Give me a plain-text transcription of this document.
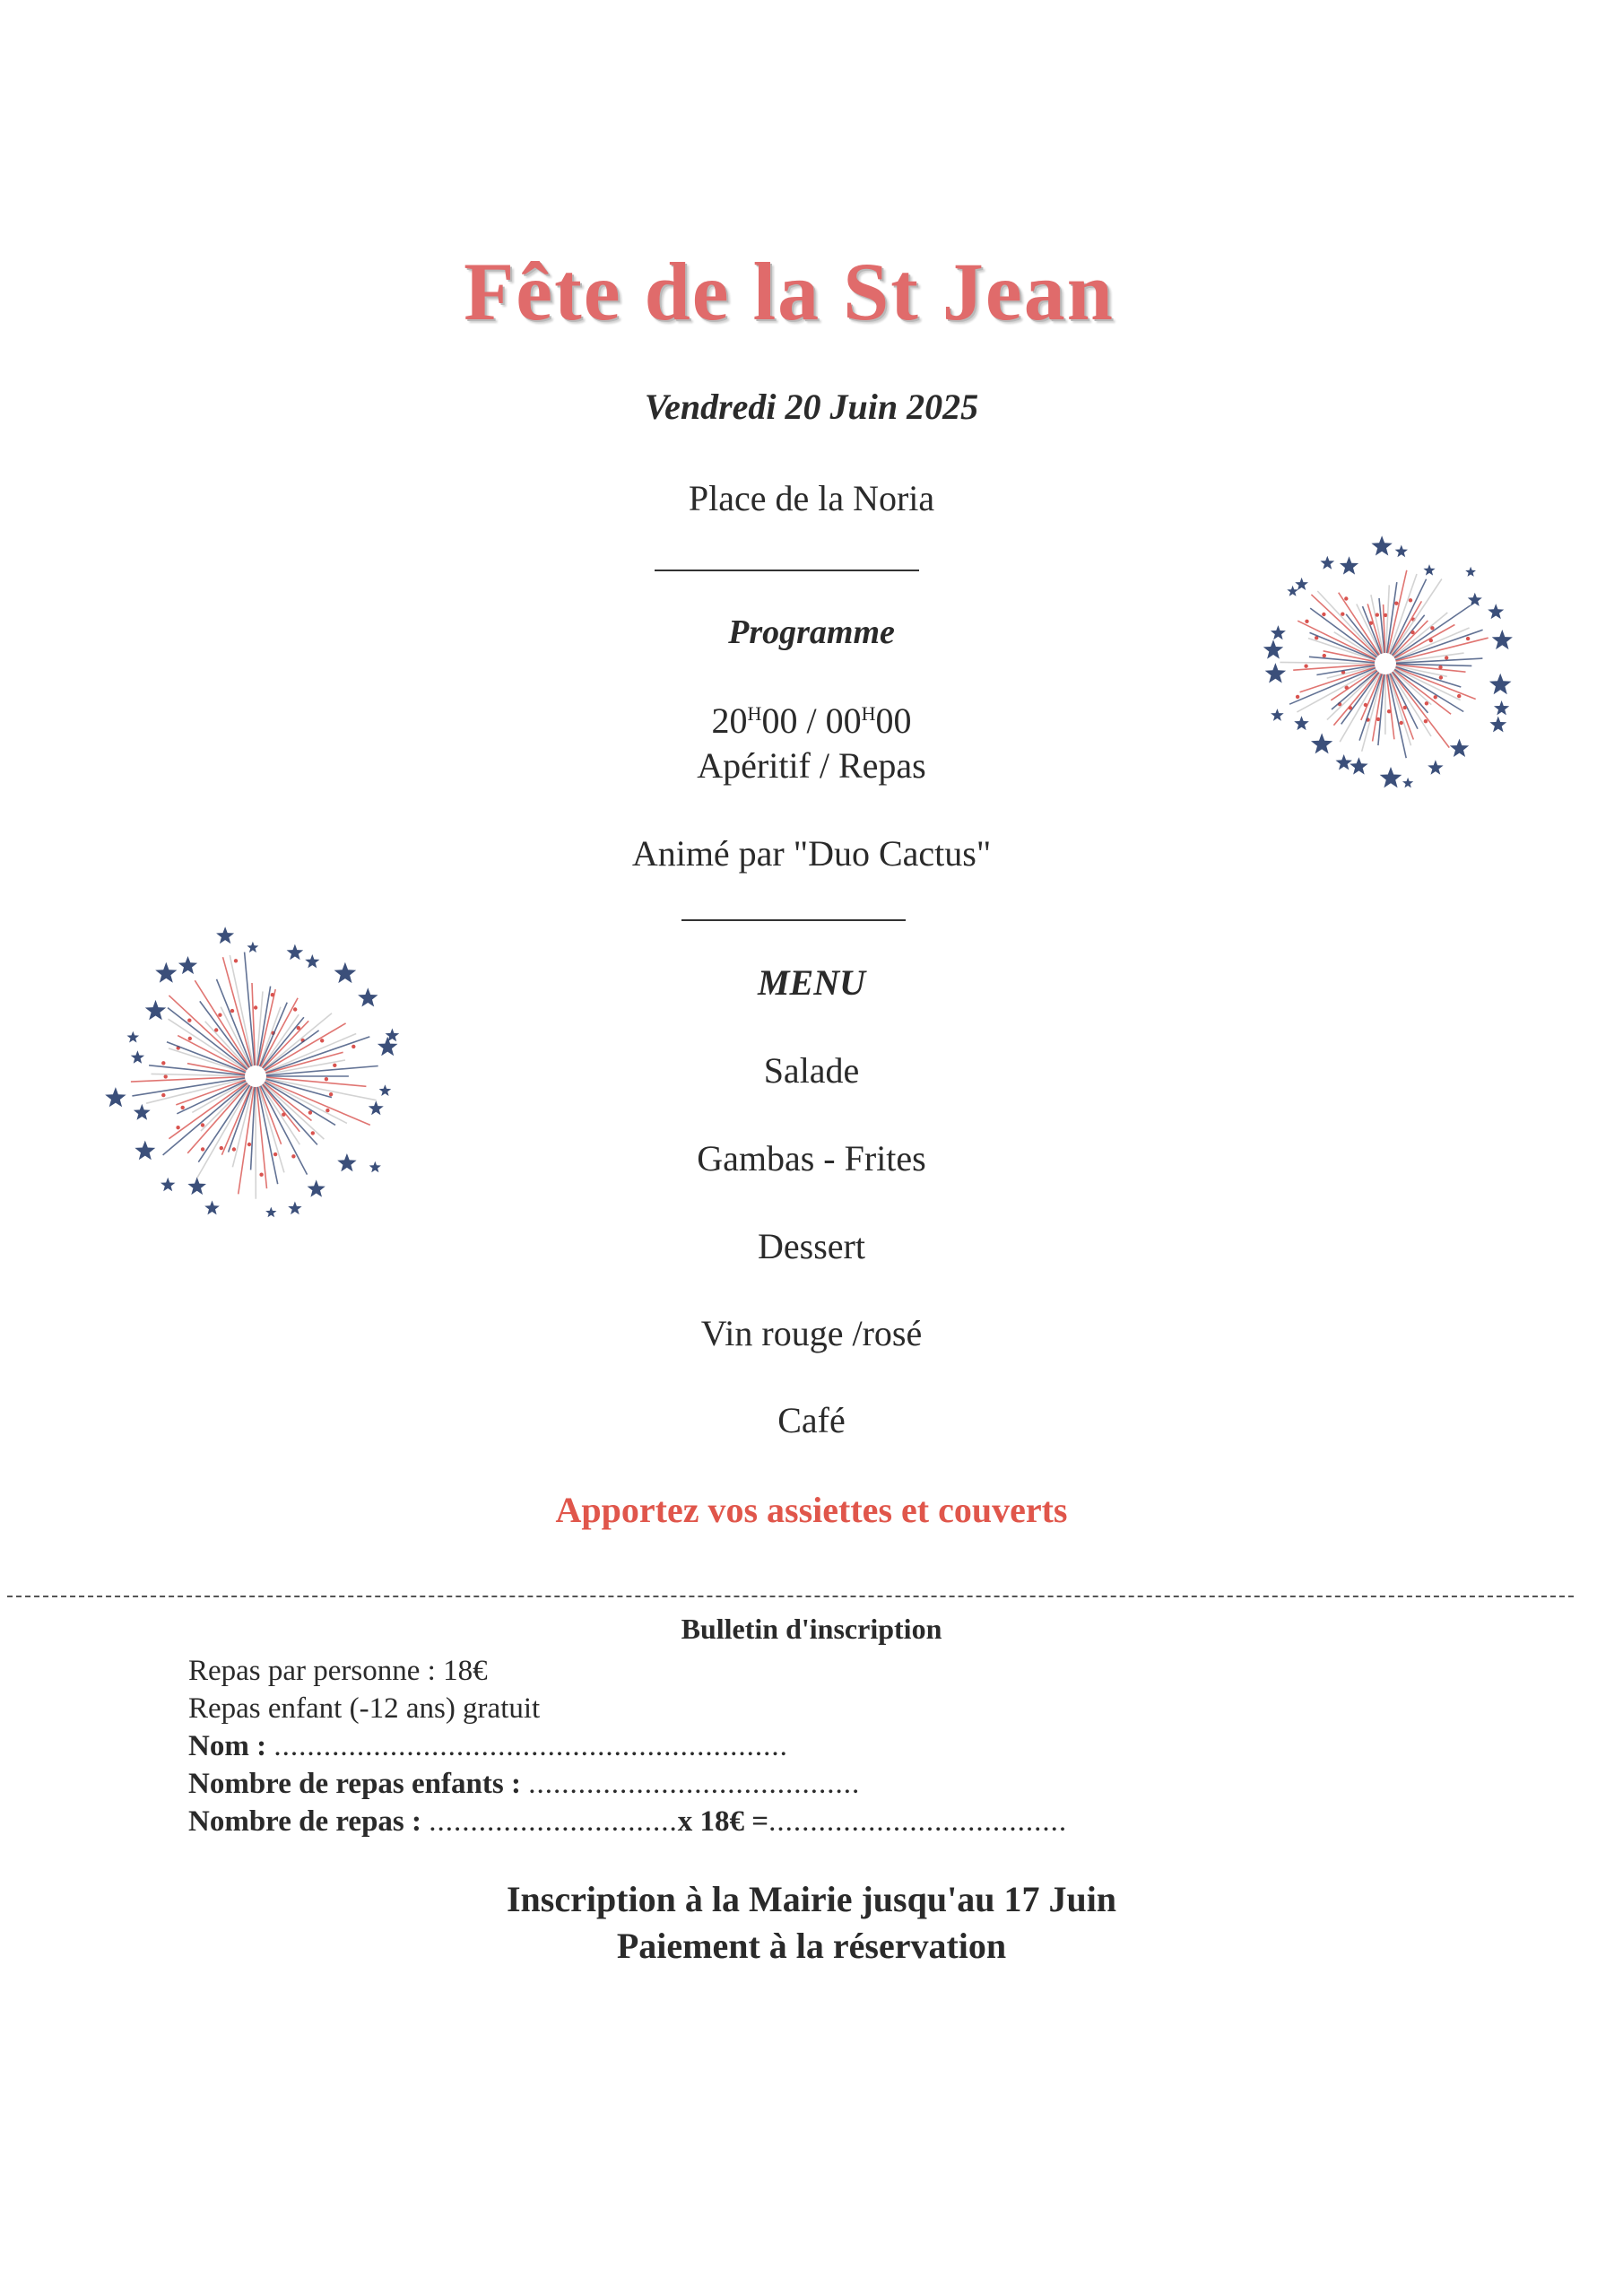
Fête de la St Jean
Vendredi 20 Juin 2025
Place de la Noria
Programme
$20^H00 / 00^H00$
Apéritif / Repas
Animé par "Duo Cactus"
MENU
Salade
Gambas - Frites
Dessert
Vin rouge /rosé
Café
Apportez vos assiettes et couverts
Bulletin d'inscription
Repas par personne : 18€
Repas enfant (-12 ans) gratuit
Nom : ..............................................................
Nombre de repas enfants : ........................................
Nombre de repas : ..............................x 18€ =....................................
Inscription à la Mairie jusqu'au 17 Juin
Paiement à la réservation
